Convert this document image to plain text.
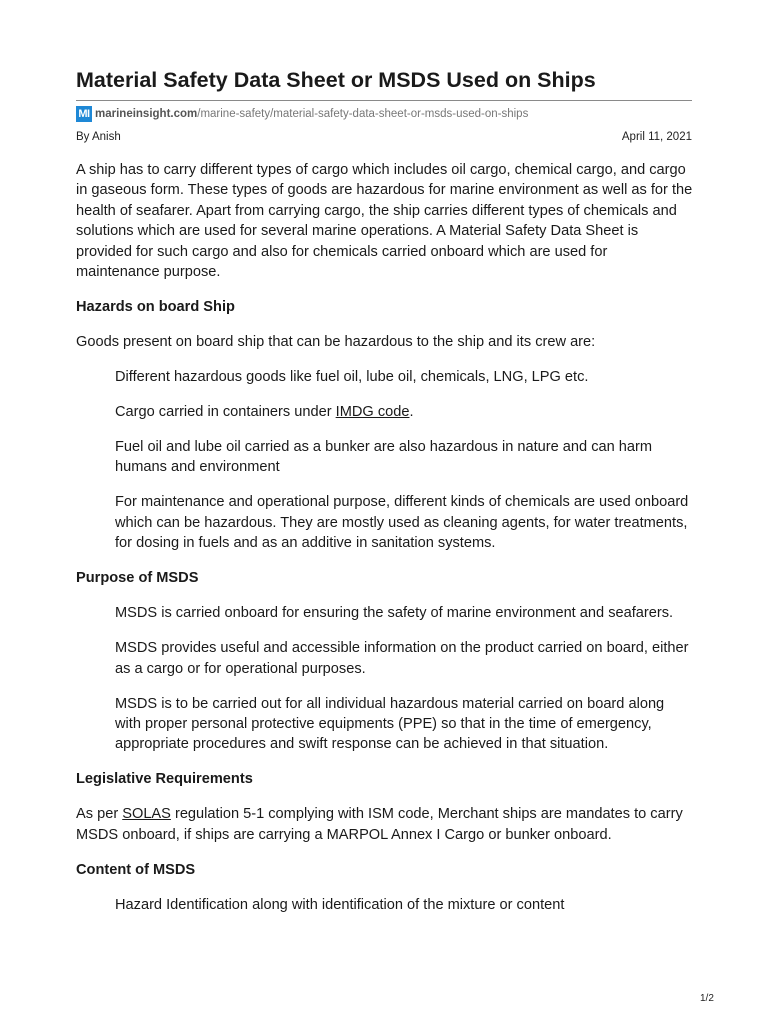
Material Safety Data Sheet or MSDS Used on Ships
MI marineinsight.com /marine-safety/material-safety-data-sheet-or-msds-used-on-ships
By Anish	April 11, 2021

A ship has to carry different types of cargo which includes oil cargo, chemical cargo, and cargo in gaseous form. These types of goods are hazardous for marine environment as well as for the health of seafarer. Apart from carrying cargo, the ship carries different types of chemicals and solutions which are used for several marine operations. A Material Safety Data Sheet is provided for such cargo and also for chemicals carried onboard which are used for maintenance purpose.

Hazards on board Ship

Goods present on board ship that can be hazardous to the ship and its crew are:

Different hazardous goods like fuel oil, lube oil, chemicals, LNG, LPG etc.

Cargo carried in containers under IMDG code.

Fuel oil and lube oil carried as a bunker are also hazardous in nature and can harm humans and environment

For maintenance and operational purpose, different kinds of chemicals are used onboard which can be hazardous. They are mostly used as cleaning agents, for water treatments, for dosing in fuels and as an additive in sanitation systems.

Purpose of MSDS

MSDS is carried onboard for ensuring the safety of marine environment and seafarers.

MSDS provides useful and accessible information on the product carried on board, either as a cargo or for operational purposes.

MSDS is to be carried out for all individual hazardous material carried on board along with proper personal protective equipments (PPE) so that in the time of emergency, appropriate procedures and swift response can be achieved in that situation.

Legislative Requirements

As per SOLAS regulation 5-1 complying with ISM code, Merchant ships are mandates to carry MSDS onboard, if ships are carrying a MARPOL Annex I Cargo or bunker onboard.

Content of MSDS

Hazard Identification along with identification of the mixture or content

1/2
